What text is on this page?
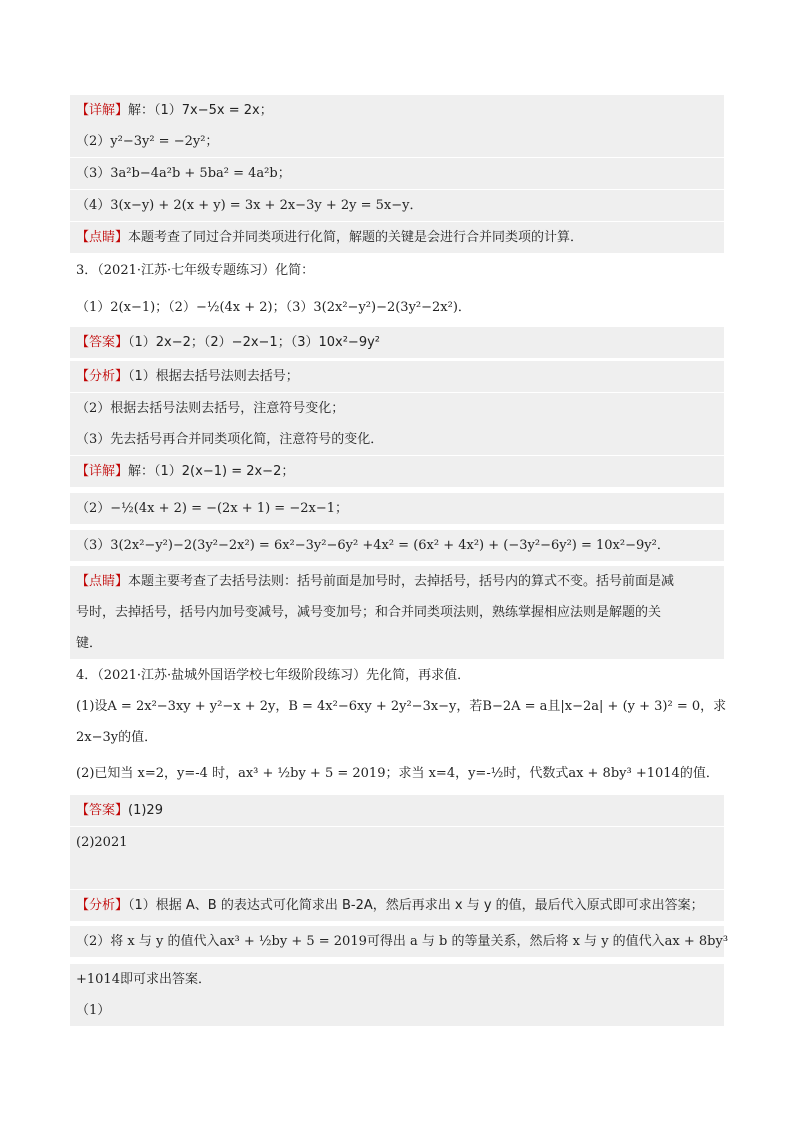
【详解】解：（1）7x−5x = 2x；
（2）y²−3y² = −2y²；
（3）3a²b−4a²b + 5ba² = 4a²b；
（4）3(x−y) + 2(x + y) = 3x + 2x−3y + 2y = 5x−y．
【点睛】本题考查了同过合并同类项进行化简，解题的关键是会进行合并同类项的计算．
3．（2021·江苏·七年级专题练习）化简：
（1）2(x−1)；（2）−½(4x + 2)；（3）3(2x²−y²)−2(3y²−2x²)．
【答案】（1）2x−2；（2）−2x−1；（3）10x²−9y²
【分析】（1）根据去括号法则去括号；
（2）根据去括号法则去括号，注意符号变化；
（3）先去括号再合并同类项化简，注意符号的变化．
【详解】解：（1）2(x−1) = 2x−2；
（2）−½(4x + 2) = −(2x + 1) = −2x−1；
（3）3(2x²−y²)−2(3y²−2x²) = 6x²−3y²−6y² +4x² = (6x² + 4x²) + (−3y²−6y²) = 10x²−9y²．
【点睛】本题主要考查了去括号法则：括号前面是加号时，去掉括号，括号内的算式不变。括号前面是减
号时，去掉括号，括号内加号变减号，减号变加号；和合并同类项法则，熟练掌握相应法则是解题的关
键．
4．（2021·江苏·盐城外国语学校七年级阶段练习）先化简，再求值．
(1)设A = 2x²−3xy + y²−x + 2y，B = 4x²−6xy + 2y²−3x−y，若B−2A = a且|x−2a| + (y + 3)² = 0，求
2x−3y的值．
(2)已知当 x=2，y=-4 时，ax³ + ½by + 5 = 2019；求当 x=4，y=-½时，代数式ax + 8by³ +1014的值．
【答案】(1)29
(2)2021
【分析】（1）根据 A、B 的表达式可化简求出 B-2A，然后再求出 x 与 y 的值，最后代入原式即可求出答案；
（2）将 x 与 y 的值代入ax³ + ½by + 5 = 2019可得出 a 与 b 的等量关系，然后将 x 与 y 的值代入ax + 8by³
+1014即可求出答案．
（1）
